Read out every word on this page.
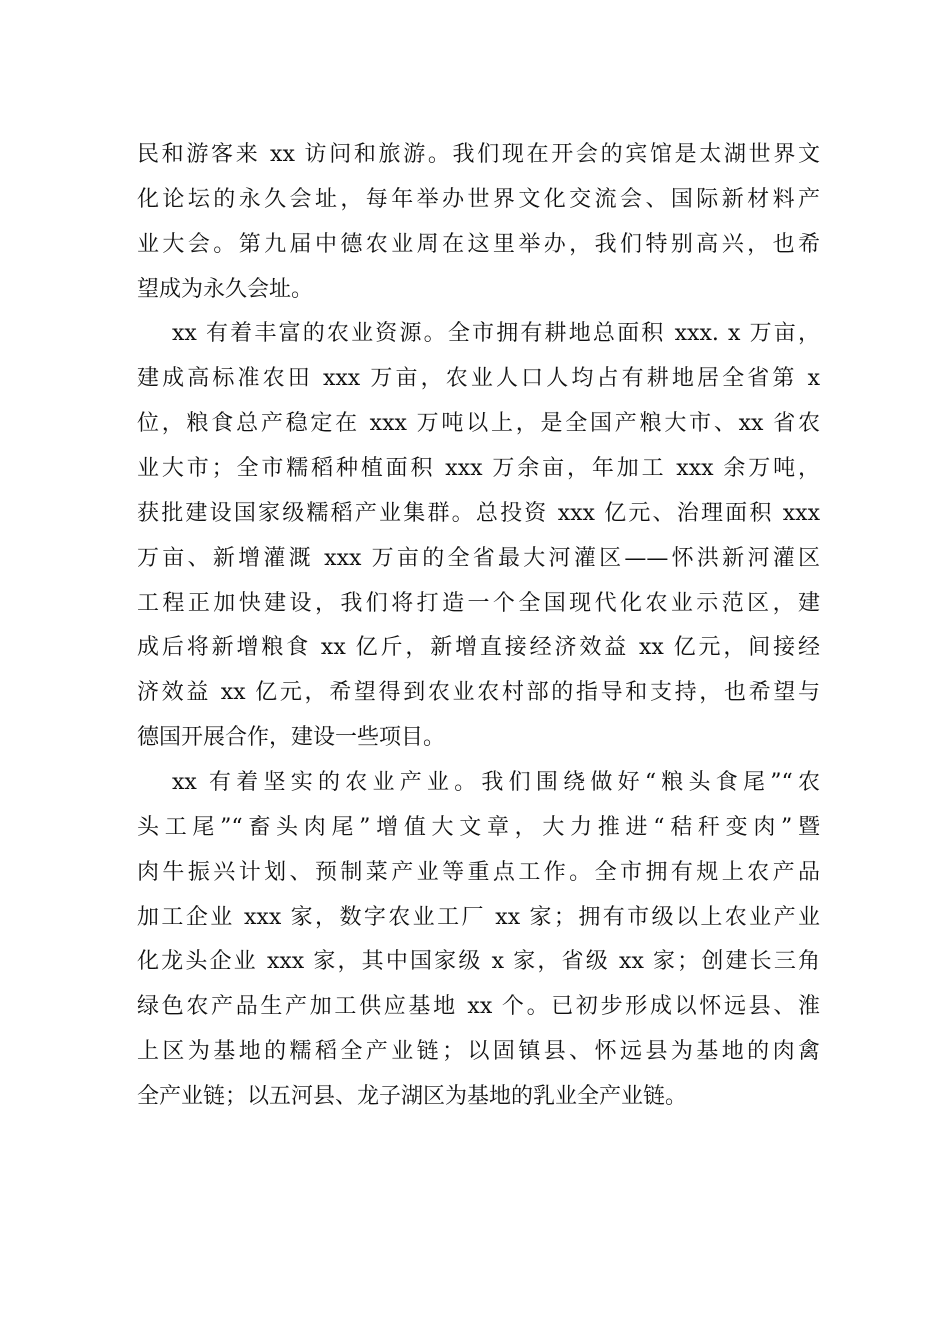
民和游客来 xx 访问和旅游。我们现在开会的宾馆是太湖世界文
化论坛的永久会址，每年举办世界文化交流会、国际新材料产
业大会。第九届中德农业周在这里举办，我们特别高兴，也希
望成为永久会址。
xx 有着丰富的农业资源。全市拥有耕地总面积 xxx. x 万亩，
建成高标准农田 xxx 万亩，农业人口人均占有耕地居全省第 x
位，粮食总产稳定在 xxx 万吨以上，是全国产粮大市、xx 省农
业大市；全市糯稻种植面积 xxx 万余亩，年加工 xxx 余万吨，
获批建设国家级糯稻产业集群。总投资 xxx 亿元、治理面积 xxx
万亩、新增灌溉 xxx 万亩的全省最大河灌区——怀洪新河灌区
工程正加快建设，我们将打造一个全国现代化农业示范区，建
成后将新增粮食 xx 亿斤，新增直接经济效益 xx 亿元，间接经
济效益 xx 亿元，希望得到农业农村部的指导和支持，也希望与
德国开展合作，建设一些项目。
xx 有着坚实的农业产业。我们围绕做好“粮头食尾”“农
头工尾”“畜头肉尾”增值大文章，大力推进“秸秆变肉”暨
肉牛振兴计划、预制菜产业等重点工作。全市拥有规上农产品
加工企业 xxx 家，数字农业工厂 xx 家；拥有市级以上农业产业
化龙头企业 xxx 家，其中国家级 x 家，省级 xx 家；创建长三角
绿色农产品生产加工供应基地 xx 个。已初步形成以怀远县、淮
上区为基地的糯稻全产业链；以固镇县、怀远县为基地的肉禽
全产业链；以五河县、龙子湖区为基地的乳业全产业链。
